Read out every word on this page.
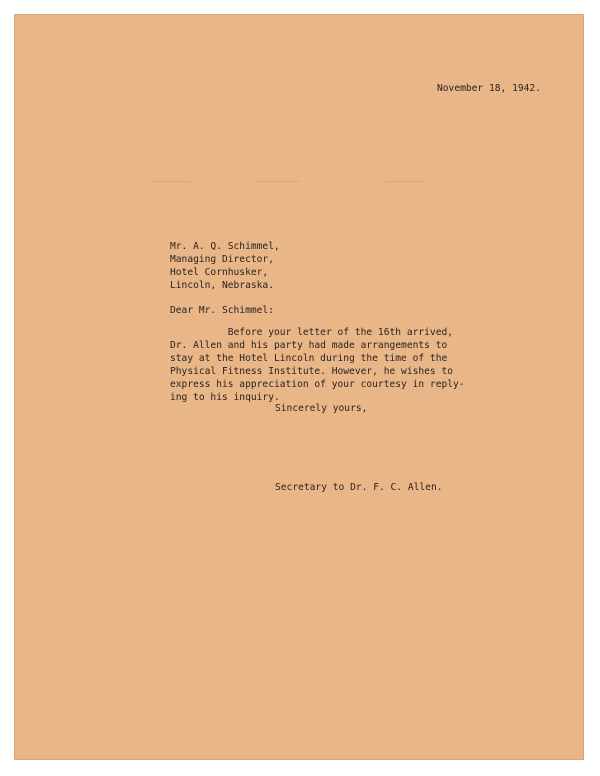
November 18, 1942.
Mr. A. Q. Schimmel,
Managing Director,
Hotel Cornhusker,
Lincoln, Nebraska.
Dear Mr. Schimmel:
Before your letter of the 16th arrived,
Dr. Allen and his party had made arrangements to
stay at the Hotel Lincoln during the time of the
Physical Fitness Institute. However, he wishes to
express his appreciation of your courtesy in reply-
ing to his inquiry.
Sincerely yours,
Secretary to Dr. F. C. Allen.
